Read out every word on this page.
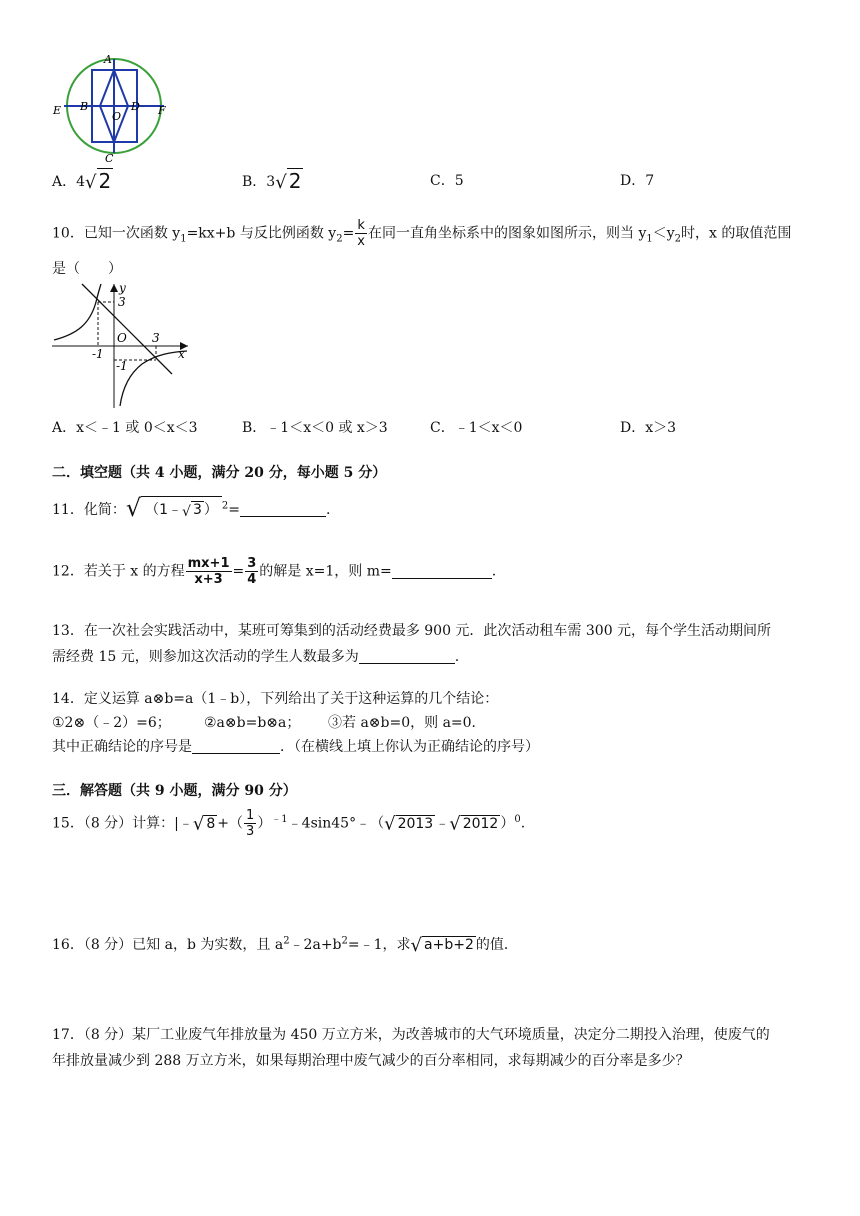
A
B
C
D
E	F
O
A．4√ 2	B．3√ 2	C．5	D．7
10．已知一次函数 $y_1=kx+b$ 与反比例函数 $y_2= \frac{k}{x}$ 在同一直角坐标系中的图象如图所示，则当 $y_1<y_2$时，x 的取值范围
是（　　）
y
x
O
3
3
-1
-1
A．x＜﹣1 或 0＜x＜3	B．﹣1＜x＜0 或 x＞3	C．﹣1＜x＜0	D．x＞3
二．填空题（共 4 小题，满分 20 分，每小题 5 分）
11．化简：√ （1﹣√ 3 ） $^2$=	.
12．若关于 x 的方程 $\frac{mx+1}{x+3} = \frac{3}{4}$ 的解是 x=1，则 m=	.
13．在一次社会实践活动中，某班可筹集到的活动经费最多 900 元．此次活动租车需 300 元，每个学生活动期间所
需经费 15 元，则参加这次活动的学生人数最多为	.
14．定义运算 a⊗b=a（1﹣b），下列给出了关于这种运算的几个结论：
①2⊗（﹣2）=6； ②a⊗b=b⊗a； ③若 a⊗b=0，则 a=0．
其中正确结论的序号是	．（在横线上填上你认为正确结论的序号）
三．解答题（共 9 小题，满分 90 分）
15．（8 分）计算：|﹣√ 8 +（ $\frac{1}{3}$ ）$^{﹣1}$﹣4sin45°﹣（√ 2013 ﹣√ 2012 ）$^0$.
16．（8 分）已知 a，b 为实数，且 $a^2﹣2a+b^2=﹣1$，求√ a+b+2 的值．
17．（8 分）某厂工业废气年排放量为 450 万立方米，为改善城市的大气环境质量，决定分二期投入治理，使废气的
年排放量减少到 288 万立方米，如果每期治理中废气减少的百分率相同，求每期减少的百分率是多少？
